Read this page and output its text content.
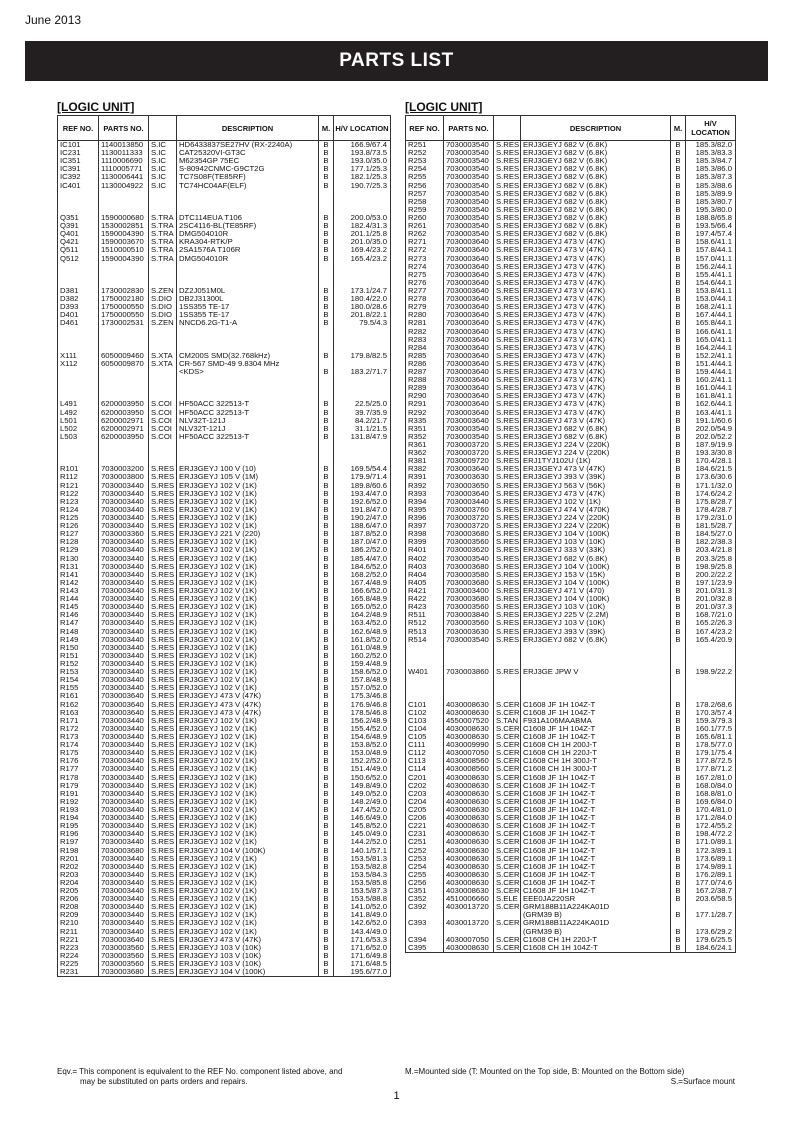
June 2013
PARTS LIST
[LOGIC UNIT]	[LOGIC UNIT]
REF NO.	PARTS NO.		DESCRIPTION	M.	H/V LOCATION
IC101	1140013850	S.IC	HD6433837SE27HV (RX-2240A)	B	166.9/67.4
IC231	1130011333	S.IC	CAT25320VI-GT3C	B	193.8/73.5
IC351	1110006690	S.IC	M62354GP 75EC	B	193.0/35.0
IC391	1110005771	S.IC	S-80942CNMC-G9CT2G	B	177.1/25.3
IC392	1130006441	S.IC	TC7S08F(TE85RF)	B	182.1/25.3
IC401	1130004922	S.IC	TC74HC04AF(ELF)	B	190.7/25.3

Q351	1590000680	S.TRA	DTC114EUA T106	B	200.0/53.0
Q391	1530002851	S.TRA	2SC4116-BL(TE85RF)	B	182.4/31.3
Q401	1590004390	S.TRA	DMG504010R	B	201.1/25.8
Q421	1590003670	S.TRA	KRA304-RTK/P	B	201.0/35.0
Q511	1510000510	S.TRA	2SA1576A T106R	B	169.4/23.2
Q512	1590004390	S.TRA	DMG504010R	B	165.4/23.2

D381	1730002830	S.ZEN	DZ2J051M0L	B	173.1/24.7
D382	1750002180	S.DIO	DB2J31300L	B	180.4/22.0
D393	1750000550	S.DIO	1SS355 TE-17	B	180.0/28.6
D401	1750000550	S.DIO	1SS355 TE-17	B	201.8/22.1
D461	1730002531	S.ZEN	NNCD6.2G-T1-A	B	79.5/4.3

X111	6050009460	S.XTA	CM200S SMD(32.768kHz)	B	179.8/82.5
X112	6050009870	S.XTA	CR-567 SMD-49 9.8304 MHz		
			<KDS>	B	183.2/71.7

L491	6200003950	S.COI	HF50ACC 322513-T	B	22.5/25.0
L492	6200003950	S.COI	HF50ACC 322513-T	B	39.7/35.9
L501	6200002971	S.COI	NLV32T-121J	B	84.2/21.7
L502	6200002971	S.COI	NLV32T-121J	B	31.1/21.5
L503	6200003950	S.COI	HF50ACC 322513-T	B	131.8/47.9

R101	7030003200	S.RES	ERJ3GEYJ 100 V (10)	B	169.5/54.4
R112	7030003800	S.RES	ERJ3GEYJ 105 V (1M)	B	179.9/71.4
R121	7030003440	S.RES	ERJ3GEYJ 102 V (1K)	B	189.8/60.6
R122	7030003440	S.RES	ERJ3GEYJ 102 V (1K)	B	193.4/47.0
R123	7030003440	S.RES	ERJ3GEYJ 102 V (1K)	B	192.6/52.0
R124	7030003440	S.RES	ERJ3GEYJ 102 V (1K)	B	191.8/47.0
R125	7030003440	S.RES	ERJ3GEYJ 102 V (1K)	B	190.2/47.0
R126	7030003440	S.RES	ERJ3GEYJ 102 V (1K)	B	188.6/47.0
R127	7030003360	S.RES	ERJ3GEYJ 221 V (220)	B	187.8/52.0
R128	7030003440	S.RES	ERJ3GEYJ 102 V (1K)	B	187.0/47.0
R129	7030003440	S.RES	ERJ3GEYJ 102 V (1K)	B	186.2/52.0
R130	7030003440	S.RES	ERJ3GEYJ 102 V (1K)	B	185.4/47.0
R131	7030003440	S.RES	ERJ3GEYJ 102 V (1K)	B	184.6/52.0
R141	7030003440	S.RES	ERJ3GEYJ 102 V (1K)	B	168.2/52.0
R142	7030003440	S.RES	ERJ3GEYJ 102 V (1K)	B	167.4/48.9
R143	7030003440	S.RES	ERJ3GEYJ 102 V (1K)	B	166.6/52.0
R144	7030003440	S.RES	ERJ3GEYJ 102 V (1K)	B	165.8/48.9
R145	7030003440	S.RES	ERJ3GEYJ 102 V (1K)	B	165.0/52.0
R146	7030003440	S.RES	ERJ3GEYJ 102 V (1K)	B	164.2/48.9
R147	7030003440	S.RES	ERJ3GEYJ 102 V (1K)	B	163.4/52.0
R148	7030003440	S.RES	ERJ3GEYJ 102 V (1K)	B	162.6/48.9
R149	7030003440	S.RES	ERJ3GEYJ 102 V (1K)	B	161.8/52.0
R150	7030003440	S.RES	ERJ3GEYJ 102 V (1K)	B	161.0/48.9
R151	7030003440	S.RES	ERJ3GEYJ 102 V (1K)	B	160.2/52.0
R152	7030003440	S.RES	ERJ3GEYJ 102 V (1K)	B	159.4/48.9
R153	7030003440	S.RES	ERJ3GEYJ 102 V (1K)	B	158.6/52.0
R154	7030003440	S.RES	ERJ3GEYJ 102 V (1K)	B	157.8/48.9
R155	7030003440	S.RES	ERJ3GEYJ 102 V (1K)	B	157.0/52.0
R161	7030003640	S.RES	ERJ3GEYJ 473 V (47K)	B	175.3/46.8
R162	7030003640	S.RES	ERJ3GEYJ 473 V (47K)	B	176.9/46.8
R163	7030003640	S.RES	ERJ3GEYJ 473 V (47K)	B	178.5/46.8
R171	7030003440	S.RES	ERJ3GEYJ 102 V (1K)	B	156.2/48.9
R172	7030003440	S.RES	ERJ3GEYJ 102 V (1K)	B	155.4/52.0
R173	7030003440	S.RES	ERJ3GEYJ 102 V (1K)	B	154.6/48.9
R174	7030003440	S.RES	ERJ3GEYJ 102 V (1K)	B	153.8/52.0
R175	7030003440	S.RES	ERJ3GEYJ 102 V (1K)	B	153.0/48.9
R176	7030003440	S.RES	ERJ3GEYJ 102 V (1K)	B	152.2/52.0
R177	7030003440	S.RES	ERJ3GEYJ 102 V (1K)	B	151.4/49.0
R178	7030003440	S.RES	ERJ3GEYJ 102 V (1K)	B	150.6/52.0
R179	7030003440	S.RES	ERJ3GEYJ 102 V (1K)	B	149.8/49.0
R191	7030003440	S.RES	ERJ3GEYJ 102 V (1K)	B	149.0/52.0
R192	7030003440	S.RES	ERJ3GEYJ 102 V (1K)	B	148.2/49.0
R193	7030003440	S.RES	ERJ3GEYJ 102 V (1K)	B	147.4/52.0
R194	7030003440	S.RES	ERJ3GEYJ 102 V (1K)	B	146.6/49.0
R195	7030003440	S.RES	ERJ3GEYJ 102 V (1K)	B	145.8/52.0
R196	7030003440	S.RES	ERJ3GEYJ 102 V (1K)	B	145.0/49.0
R197	7030003440	S.RES	ERJ3GEYJ 102 V (1K)	B	144.2/52.0
R198	7030003680	S.RES	ERJ3GEYJ 104 V (100K)	B	140.1/57.1
R201	7030003440	S.RES	ERJ3GEYJ 102 V (1K)	B	153.5/81.3
R202	7030003440	S.RES	ERJ3GEYJ 102 V (1K)	B	153.5/82.8
R203	7030003440	S.RES	ERJ3GEYJ 102 V (1K)	B	153.5/84.3
R204	7030003440	S.RES	ERJ3GEYJ 102 V (1K)	B	153.5/85.8
R205	7030003440	S.RES	ERJ3GEYJ 102 V (1K)	B	153.5/87.3
R206	7030003440	S.RES	ERJ3GEYJ 102 V (1K)	B	153.5/88.8
R208	7030003440	S.RES	ERJ3GEYJ 102 V (1K)	B	141.0/52.0
R209	7030003440	S.RES	ERJ3GEYJ 102 V (1K)	B	141.8/49.0
R210	7030003440	S.RES	ERJ3GEYJ 102 V (1K)	B	142.6/52.0
R211	7030003440	S.RES	ERJ3GEYJ 102 V (1K)	B	143.4/49.0
R221	7030003640	S.RES	ERJ3GEYJ 473 V (47K)	B	171.6/53.3
R223	7030003560	S.RES	ERJ3GEYJ 103 V (10K)	B	171.6/52.0
R224	7030003560	S.RES	ERJ3GEYJ 103 V (10K)	B	171.6/49.8
R225	7030003560	S.RES	ERJ3GEYJ 103 V (10K)	B	171.6/48.5
R231	7030003680	S.RES	ERJ3GEYJ 104 V (100K)	B	195.6/77.0
REF NO.	PARTS NO.		DESCRIPTION	M.	H/V LOCATION
R251	7030003540	S.RES	ERJ3GEYJ 682 V (6.8K)	B	185.3/82.0
R252	7030003540	S.RES	ERJ3GEYJ 682 V (6.8K)	B	185.3/83.3
R253	7030003540	S.RES	ERJ3GEYJ 682 V (6.8K)	B	185.3/84.7
R254	7030003540	S.RES	ERJ3GEYJ 682 V (6.8K)	B	185.3/86.0
R255	7030003540	S.RES	ERJ3GEYJ 682 V (6.8K)	B	185.3/87.3
R256	7030003540	S.RES	ERJ3GEYJ 682 V (6.8K)	B	185.3/88.6
R257	7030003540	S.RES	ERJ3GEYJ 682 V (6.8K)	B	185.3/89.9
R258	7030003540	S.RES	ERJ3GEYJ 682 V (6.8K)	B	185.3/80.7
R259	7030003540	S.RES	ERJ3GEYJ 682 V (6.8K)	B	195.3/80.0
R260	7030003540	S.RES	ERJ3GEYJ 682 V (6.8K)	B	188.8/65.8
R261	7030003540	S.RES	ERJ3GEYJ 682 V (6.8K)	B	193.5/66.4
R262	7030003540	S.RES	ERJ3GEYJ 682 V (6.8K)	B	197.4/57.4
R271	7030003640	S.RES	ERJ3GEYJ 473 V (47K)	B	158.6/41.1
R272	7030003640	S.RES	ERJ3GEYJ 473 V (47K)	B	157.8/44.1
R273	7030003640	S.RES	ERJ3GEYJ 473 V (47K)	B	157.0/41.1
R274	7030003640	S.RES	ERJ3GEYJ 473 V (47K)	B	156.2/44.1
R275	7030003640	S.RES	ERJ3GEYJ 473 V (47K)	B	155.4/41.1
R276	7030003640	S.RES	ERJ3GEYJ 473 V (47K)	B	154.6/44.1
R277	7030003640	S.RES	ERJ3GEYJ 473 V (47K)	B	153.8/41.1
R278	7030003640	S.RES	ERJ3GEYJ 473 V (47K)	B	153.0/44.1
R279	7030003640	S.RES	ERJ3GEYJ 473 V (47K)	B	168.2/41.1
R280	7030003640	S.RES	ERJ3GEYJ 473 V (47K)	B	167.4/44.1
R281	7030003640	S.RES	ERJ3GEYJ 473 V (47K)	B	165.8/44.1
R282	7030003640	S.RES	ERJ3GEYJ 473 V (47K)	B	166.6/41.1
R283	7030003640	S.RES	ERJ3GEYJ 473 V (47K)	B	165.0/41.1
R284	7030003640	S.RES	ERJ3GEYJ 473 V (47K)	B	164.2/44.1
R285	7030003640	S.RES	ERJ3GEYJ 473 V (47K)	B	152.2/41.1
R286	7030003640	S.RES	ERJ3GEYJ 473 V (47K)	B	151.4/44.1
R287	7030003640	S.RES	ERJ3GEYJ 473 V (47K)	B	159.4/44.1
R288	7030003640	S.RES	ERJ3GEYJ 473 V (47K)	B	160.2/41.1
R289	7030003640	S.RES	ERJ3GEYJ 473 V (47K)	B	161.0/44.1
R290	7030003640	S.RES	ERJ3GEYJ 473 V (47K)	B	161.8/41.1
R291	7030003640	S.RES	ERJ3GEYJ 473 V (47K)	B	162.6/44.1
R292	7030003640	S.RES	ERJ3GEYJ 473 V (47K)	B	163.4/41.1
R335	7030003640	S.RES	ERJ3GEYJ 473 V (47K)	B	191.1/60.6
R351	7030003540	S.RES	ERJ3GEYJ 682 V (6.8K)	B	202.0/54.9
R352	7030003540	S.RES	ERJ3GEYJ 682 V (6.8K)	B	202.0/52.2
R361	7030003720	S.RES	ERJ3GEYJ 224 V (220K)	B	187.9/19.9
R362	7030003720	S.RES	ERJ3GEYJ 224 V (220K)	B	193.3/30.8
R381	7030009720	S.RES	ERJ1TYJ102U (1K)	B	170.4/28.1
R382	7030003640	S.RES	ERJ3GEYJ 473 V (47K)	B	184.6/21.5
R391	7030003630	S.RES	ERJ3GEYJ 393 V (39K)	B	173.6/30.6
R392	7030003650	S.RES	ERJ3GEYJ 563 V (56K)	B	171.1/32.0
R393	7030003640	S.RES	ERJ3GEYJ 473 V (47K)	B	174.6/24.2
R394	7030003440	S.RES	ERJ3GEYJ 102 V (1K)	B	175.8/28.7
R395	7030003760	S.RES	ERJ3GEYJ 474 V (470K)	B	178.4/28.7
R396	7030003720	S.RES	ERJ3GEYJ 224 V (220K)	B	179.2/31.0
R397	7030003720	S.RES	ERJ3GEYJ 224 V (220K)	B	181.5/28.7
R398	7030003680	S.RES	ERJ3GEYJ 104 V (100K)	B	184.5/27.0
R399	7030003560	S.RES	ERJ3GEYJ 103 V (10K)	B	182.2/38.3
R401	7030003620	S.RES	ERJ3GEYJ 333 V (33K)	B	203.4/21.8
R402	7030003540	S.RES	ERJ3GEYJ 682 V (6.8K)	B	203.3/25.8
R403	7030003680	S.RES	ERJ3GEYJ 104 V (100K)	B	198.9/25.8
R404	7030003580	S.RES	ERJ3GEYJ 153 V (15K)	B	200.2/22.2
R405	7030003680	S.RES	ERJ3GEYJ 104 V (100K)	B	197.1/23.9
R421	7030003400	S.RES	ERJ3GEYJ 471 V (470)	B	201.0/31.3
R422	7030003680	S.RES	ERJ3GEYJ 104 V (100K)	B	201.0/32.8
R423	7030003560	S.RES	ERJ3GEYJ 103 V (10K)	B	201.0/37.3
R511	7030003840	S.RES	ERJ3GEYJ 225 V (2.2M)	B	168.7/21.0
R512	7030003560	S.RES	ERJ3GEYJ 103 V (10K)	B	165.2/26.3
R513	7030003630	S.RES	ERJ3GEYJ 393 V (39K)	B	167.4/23.2
R514	7030003540	S.RES	ERJ3GEYJ 682 V (6.8K)	B	165.4/20.9

W401	7030003860	S.RES	ERJ3GE JPW V	B	198.9/22.2

C101	4030008630	S.CER	C1608 JF 1H 104Z-T	B	178.2/68.6
C102	4030008630	S.CER	C1608 JF 1H 104Z-T	B	170.3/57.4
C103	4550007520	S.TAN	F931A106MAABMA	B	159.3/79.3
C104	4030008630	S.CER	C1608 JF 1H 104Z-T	B	160.1/77.5
C105	4030008630	S.CER	C1608 JF 1H 104Z-T	B	165.6/81.1
C111	4030009990	S.CER	C1608 CH 1H 200J-T	B	178.5/77.0
C112	4030007050	S.CER	C1608 CH 1H 220J-T	B	179.1/75.4
C113	4030008560	S.CER	C1608 CH 1H 300J-T	B	177.8/72.5
C114	4030008560	S.CER	C1608 CH 1H 300J-T	B	177.8/71.2
C201	4030008630	S.CER	C1608 JF 1H 104Z-T	B	167.2/81.0
C202	4030008630	S.CER	C1608 JF 1H 104Z-T	B	168.0/84.0
C203	4030008630	S.CER	C1608 JF 1H 104Z-T	B	168.8/81.0
C204	4030008630	S.CER	C1608 JF 1H 104Z-T	B	169.6/84.0
C205	4030008630	S.CER	C1608 JF 1H 104Z-T	B	170.4/81.0
C206	4030008630	S.CER	C1608 JF 1H 104Z-T	B	171.2/84.0
C221	4030008630	S.CER	C1608 JF 1H 104Z-T	B	172.4/55.2
C231	4030008630	S.CER	C1608 JF 1H 104Z-T	B	198.4/72.2
C251	4030008630	S.CER	C1608 JF 1H 104Z-T	B	171.0/89.1
C252	4030008630	S.CER	C1608 JF 1H 104Z-T	B	172.3/89.1
C253	4030008630	S.CER	C1608 JF 1H 104Z-T	B	173.6/89.1
C254	4030008630	S.CER	C1608 JF 1H 104Z-T	B	174.9/89.1
C255	4030008630	S.CER	C1608 JF 1H 104Z-T	B	176.2/89.1
C256	4030008630	S.CER	C1608 JF 1H 104Z-T	B	177.0/74.6
C351	4030008630	S.CER	C1608 JF 1H 104Z-T	B	167.2/38.7
C352	4510006660	S.ELE	EEE0JA220SR	B	203.6/58.5
C392	4030013720	S.CER	GRM188B11A224KA01D		
			(GRM39 B)	B	177.1/28.7
C393	4030013720	S.CER	GRM188B11A224KA01D		
			(GRM39 B)	B	173.6/29.2
C394	4030007050	S.CER	C1608 CH 1H 220J-T	B	179.6/25.5
C395	4030008630	S.CER	C1608 CH 1H 104Z-T	B	184.6/24.1
Eqv.= This component is equivalent to the REF No. component listed above, and
may be substituted on parts orders and repairs.
M.=Mounted side (T: Mounted on the Top side, B: Mounted on the Bottom side)
S.=Surface mount
1
